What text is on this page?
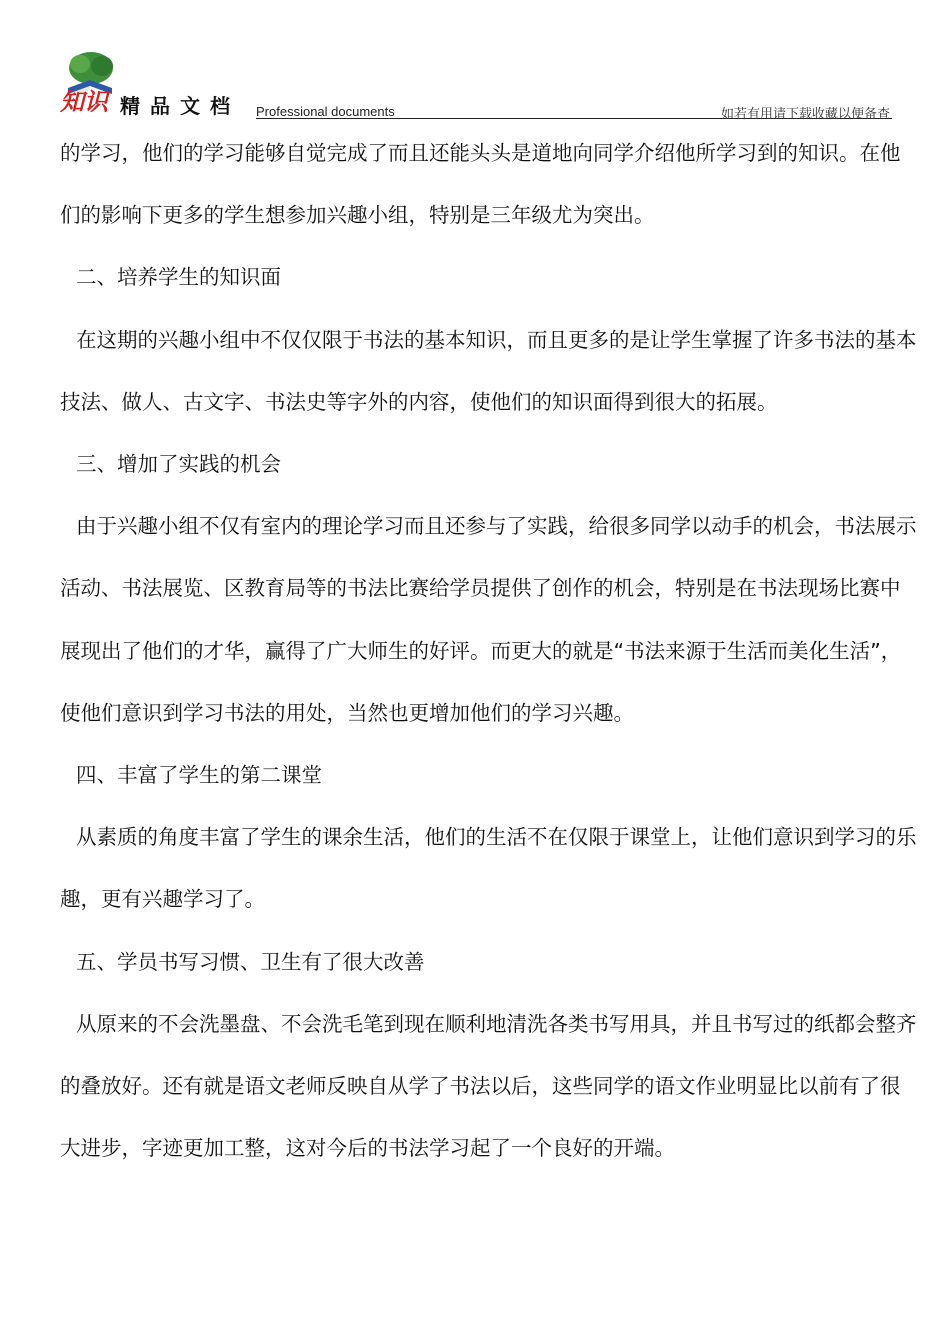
知识 精品文档 Professional documents	如若有用请下载收藏以便备查

的学习，他们的学习能够自觉完成了而且还能头头是道地向同学介绍他所学习到的知识。在他们的影响下更多的学生想参加兴趣小组，特别是三年级尤为突出。

二、培养学生的知识面

在这期的兴趣小组中不仅仅限于书法的基本知识，而且更多的是让学生掌握了许多书法的基本技法、做人、古文字、书法史等字外的内容，使他们的知识面得到很大的拓展。

三、增加了实践的机会

由于兴趣小组不仅有室内的理论学习而且还参与了实践，给很多同学以动手的机会，书法展示活动、书法展览、区教育局等的书法比赛给学员提供了创作的机会，特别是在书法现场比赛中展现出了他们的才华，赢得了广大师生的好评。而更大的就是“书法来源于生活而美化生活”，使他们意识到学习书法的用处，当然也更增加他们的学习兴趣。

四、丰富了学生的第二课堂

从素质的角度丰富了学生的课余生活，他们的生活不在仅限于课堂上，让他们意识到学习的乐趣，更有兴趣学习了。

五、学员书写习惯、卫生有了很大改善

从原来的不会洗墨盘、不会洗毛笔到现在顺利地清洗各类书写用具，并且书写过的纸都会整齐的叠放好。还有就是语文老师反映自从学了书法以后，这些同学的语文作业明显比以前有了很大进步，字迹更加工整，这对今后的书法学习起了一个良好的开端。
